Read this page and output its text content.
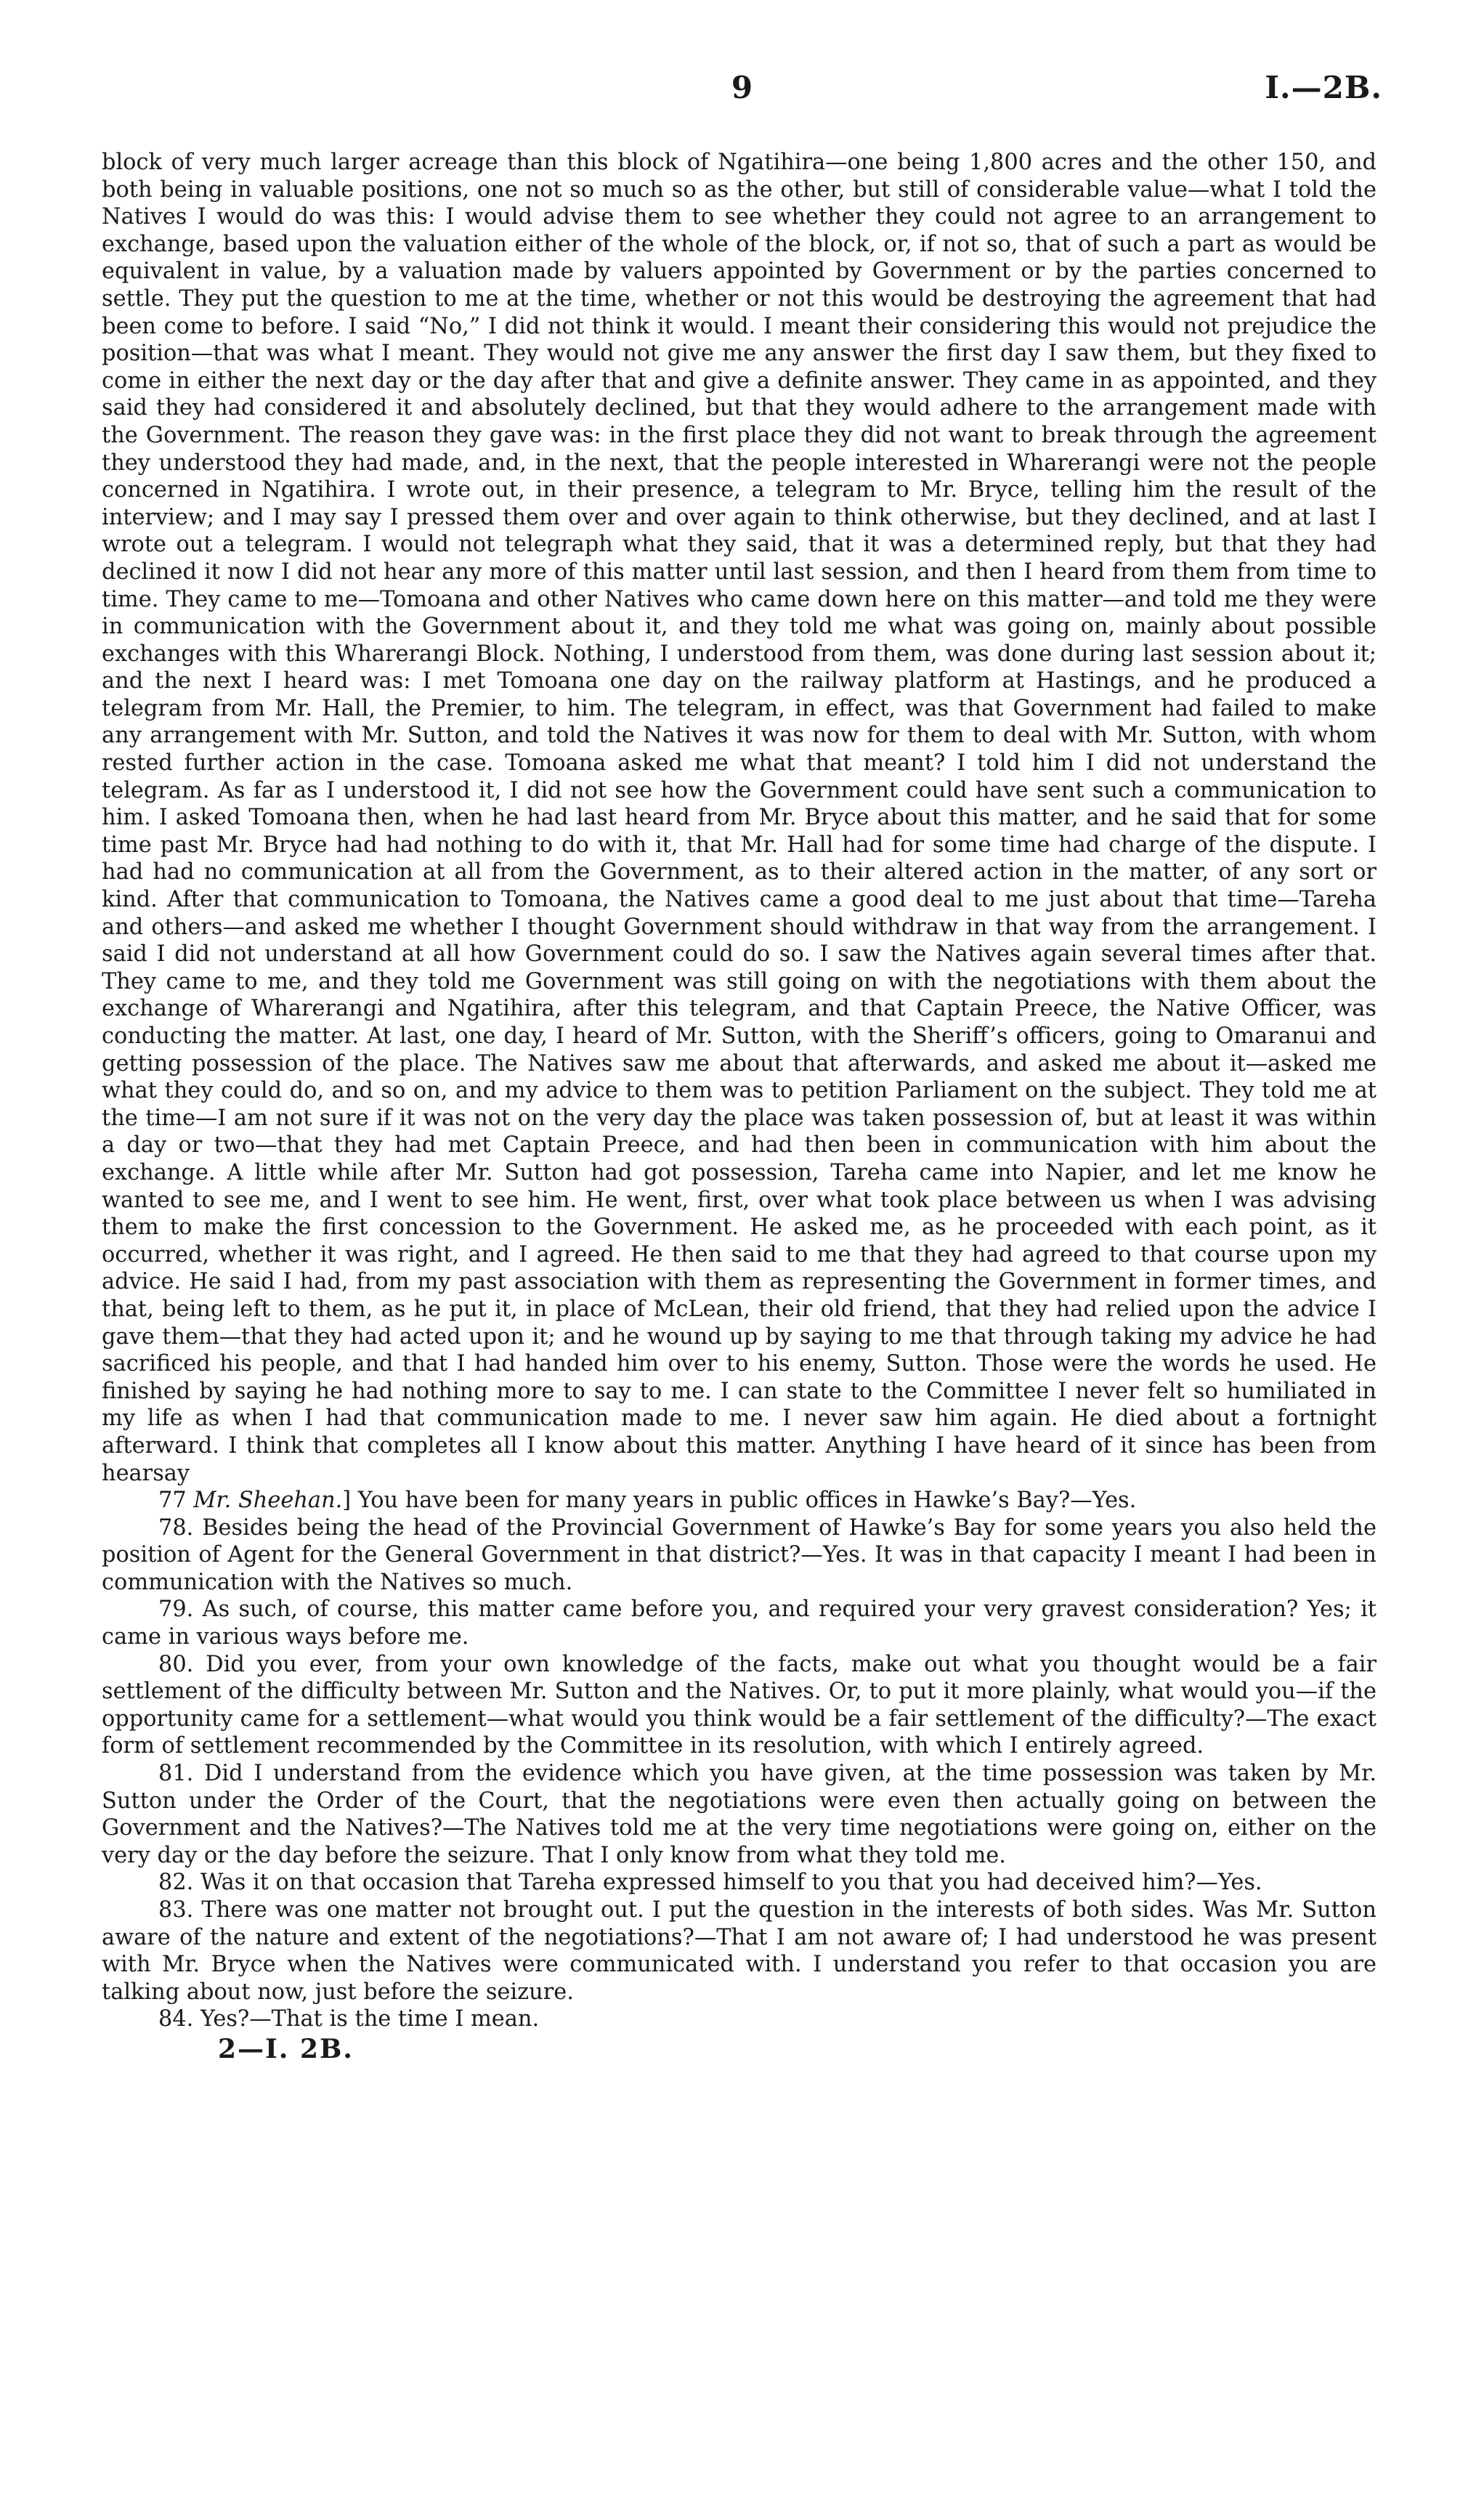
9	I.—2B.

block of very much larger acreage than this block of Ngatihira—one being 1,800 acres and the other 150, and both being in valuable positions, one not so much so as the other, but still of considerable value—what I told the Natives I would do was this: I would advise them to see whether they could not agree to an arrangement to exchange, based upon the valuation either of the whole of the block, or, if not so, that of such a part as would be equivalent in value, by a valuation made by valuers appointed by Government or by the parties concerned to settle. They put the question to me at the time, whether or not this would be destroying the agreement that had been come to before. I said “No,” I did not think it would. I meant their considering this would not prejudice the position—that was what I meant. They would not give me any answer the first day I saw them, but they fixed to come in either the next day or the day after that and give a definite answer. They came in as appointed, and they said they had considered it and absolutely declined, but that they would adhere to the arrangement made with the Government. The reason they gave was: in the first place they did not want to break through the agreement they understood they had made, and, in the next, that the people interested in Wharerangi were not the people concerned in Ngatihira. I wrote out, in their presence, a telegram to Mr. Bryce, telling him the result of the interview; and I may say I pressed them over and over again to think otherwise, but they declined, and at last I wrote out a telegram. I would not telegraph what they said, that it was a determined reply, but that they had declined it now I did not hear any more of this matter until last session, and then I heard from them from time to time. They came to me—Tomoana and other Natives who came down here on this matter—and told me they were in communication with the Government about it, and they told me what was going on, mainly about possible exchanges with this Wharerangi Block. Nothing, I understood from them, was done during last session about it; and the next I heard was: I met Tomoana one day on the railway platform at Hastings, and he produced a telegram from Mr. Hall, the Premier, to him. The telegram, in effect, was that Government had failed to make any arrangement with Mr. Sutton, and told the Natives it was now for them to deal with Mr. Sutton, with whom rested further action in the case. Tomoana asked me what that meant? I told him I did not understand the telegram. As far as I understood it, I did not see how the Government could have sent such a communication to him. I asked Tomoana then, when he had last heard from Mr. Bryce about this matter, and he said that for some time past Mr. Bryce had had nothing to do with it, that Mr. Hall had for some time had charge of the dispute. I had had no communication at all from the Government, as to their altered action in the matter, of any sort or kind. After that communication to Tomoana, the Natives came a good deal to me just about that time—Tareha and others—and asked me whether I thought Government should withdraw in that way from the arrangement. I said I did not understand at all how Government could do so. I saw the Natives again several times after that. They came to me, and they told me Government was still going on with the negotiations with them about the exchange of Wharerangi and Ngatihira, after this telegram, and that Captain Preece, the Native Officer, was conducting the matter. At last, one day, I heard of Mr. Sutton, with the Sheriff’s officers, going to Omaranui and getting possession of the place. The Natives saw me about that afterwards, and asked me about it—asked me what they could do, and so on, and my advice to them was to petition Parliament on the subject. They told me at the time—I am not sure if it was not on the very day the place was taken possession of, but at least it was within a day or two—that they had met Captain Preece, and had then been in communication with him about the exchange. A little while after Mr. Sutton had got possession, Tareha came into Napier, and let me know he wanted to see me, and I went to see him. He went, first, over what took place between us when I was advising them to make the first concession to the Government. He asked me, as he proceeded with each point, as it occurred, whether it was right, and I agreed. He then said to me that they had agreed to that course upon my advice. He said I had, from my past association with them as representing the Government in former times, and that, being left to them, as he put it, in place of McLean, their old friend, that they had relied upon the advice I gave them—that they had acted upon it; and he wound up by saying to me that through taking my advice he had sacrificed his people, and that I had handed him over to his enemy, Sutton. Those were the words he used. He finished by saying he had nothing more to say to me. I can state to the Committee I never felt so humiliated in my life as when I had that communication made to me. I never saw him again. He died about a fortnight afterward. I think that completes all I know about this matter. Anything I have heard of it since has been from hearsay

77 Mr. Sheehan.] You have been for many years in public offices in Hawke’s Bay?—Yes.

78. Besides being the head of the Provincial Government of Hawke’s Bay for some years you also held the position of Agent for the General Government in that district?—Yes. It was in that capacity I meant I had been in communication with the Natives so much.

79. As such, of course, this matter came before you, and required your very gravest consideration? Yes; it came in various ways before me.

80. Did you ever, from your own knowledge of the facts, make out what you thought would be a fair settlement of the difficulty between Mr. Sutton and the Natives. Or, to put it more plainly, what would you—if the opportunity came for a settlement—what would you think would be a fair settlement of the difficulty?—The exact form of settlement recommended by the Committee in its resolution, with which I entirely agreed.

81. Did I understand from the evidence which you have given, at the time possession was taken by Mr. Sutton under the Order of the Court, that the negotiations were even then actually going on between the Government and the Natives?—The Natives told me at the very time negotiations were going on, either on the very day or the day before the seizure. That I only know from what they told me.

82. Was it on that occasion that Tareha expressed himself to you that you had deceived him?—Yes.

83. There was one matter not brought out. I put the question in the interests of both sides. Was Mr. Sutton aware of the nature and extent of the negotiations?—That I am not aware of; I had understood he was present with Mr. Bryce when the Natives were communicated with. I understand you refer to that occasion you are talking about now, just before the seizure.

84. Yes?—That is the time I mean.

2—I. 2B.
